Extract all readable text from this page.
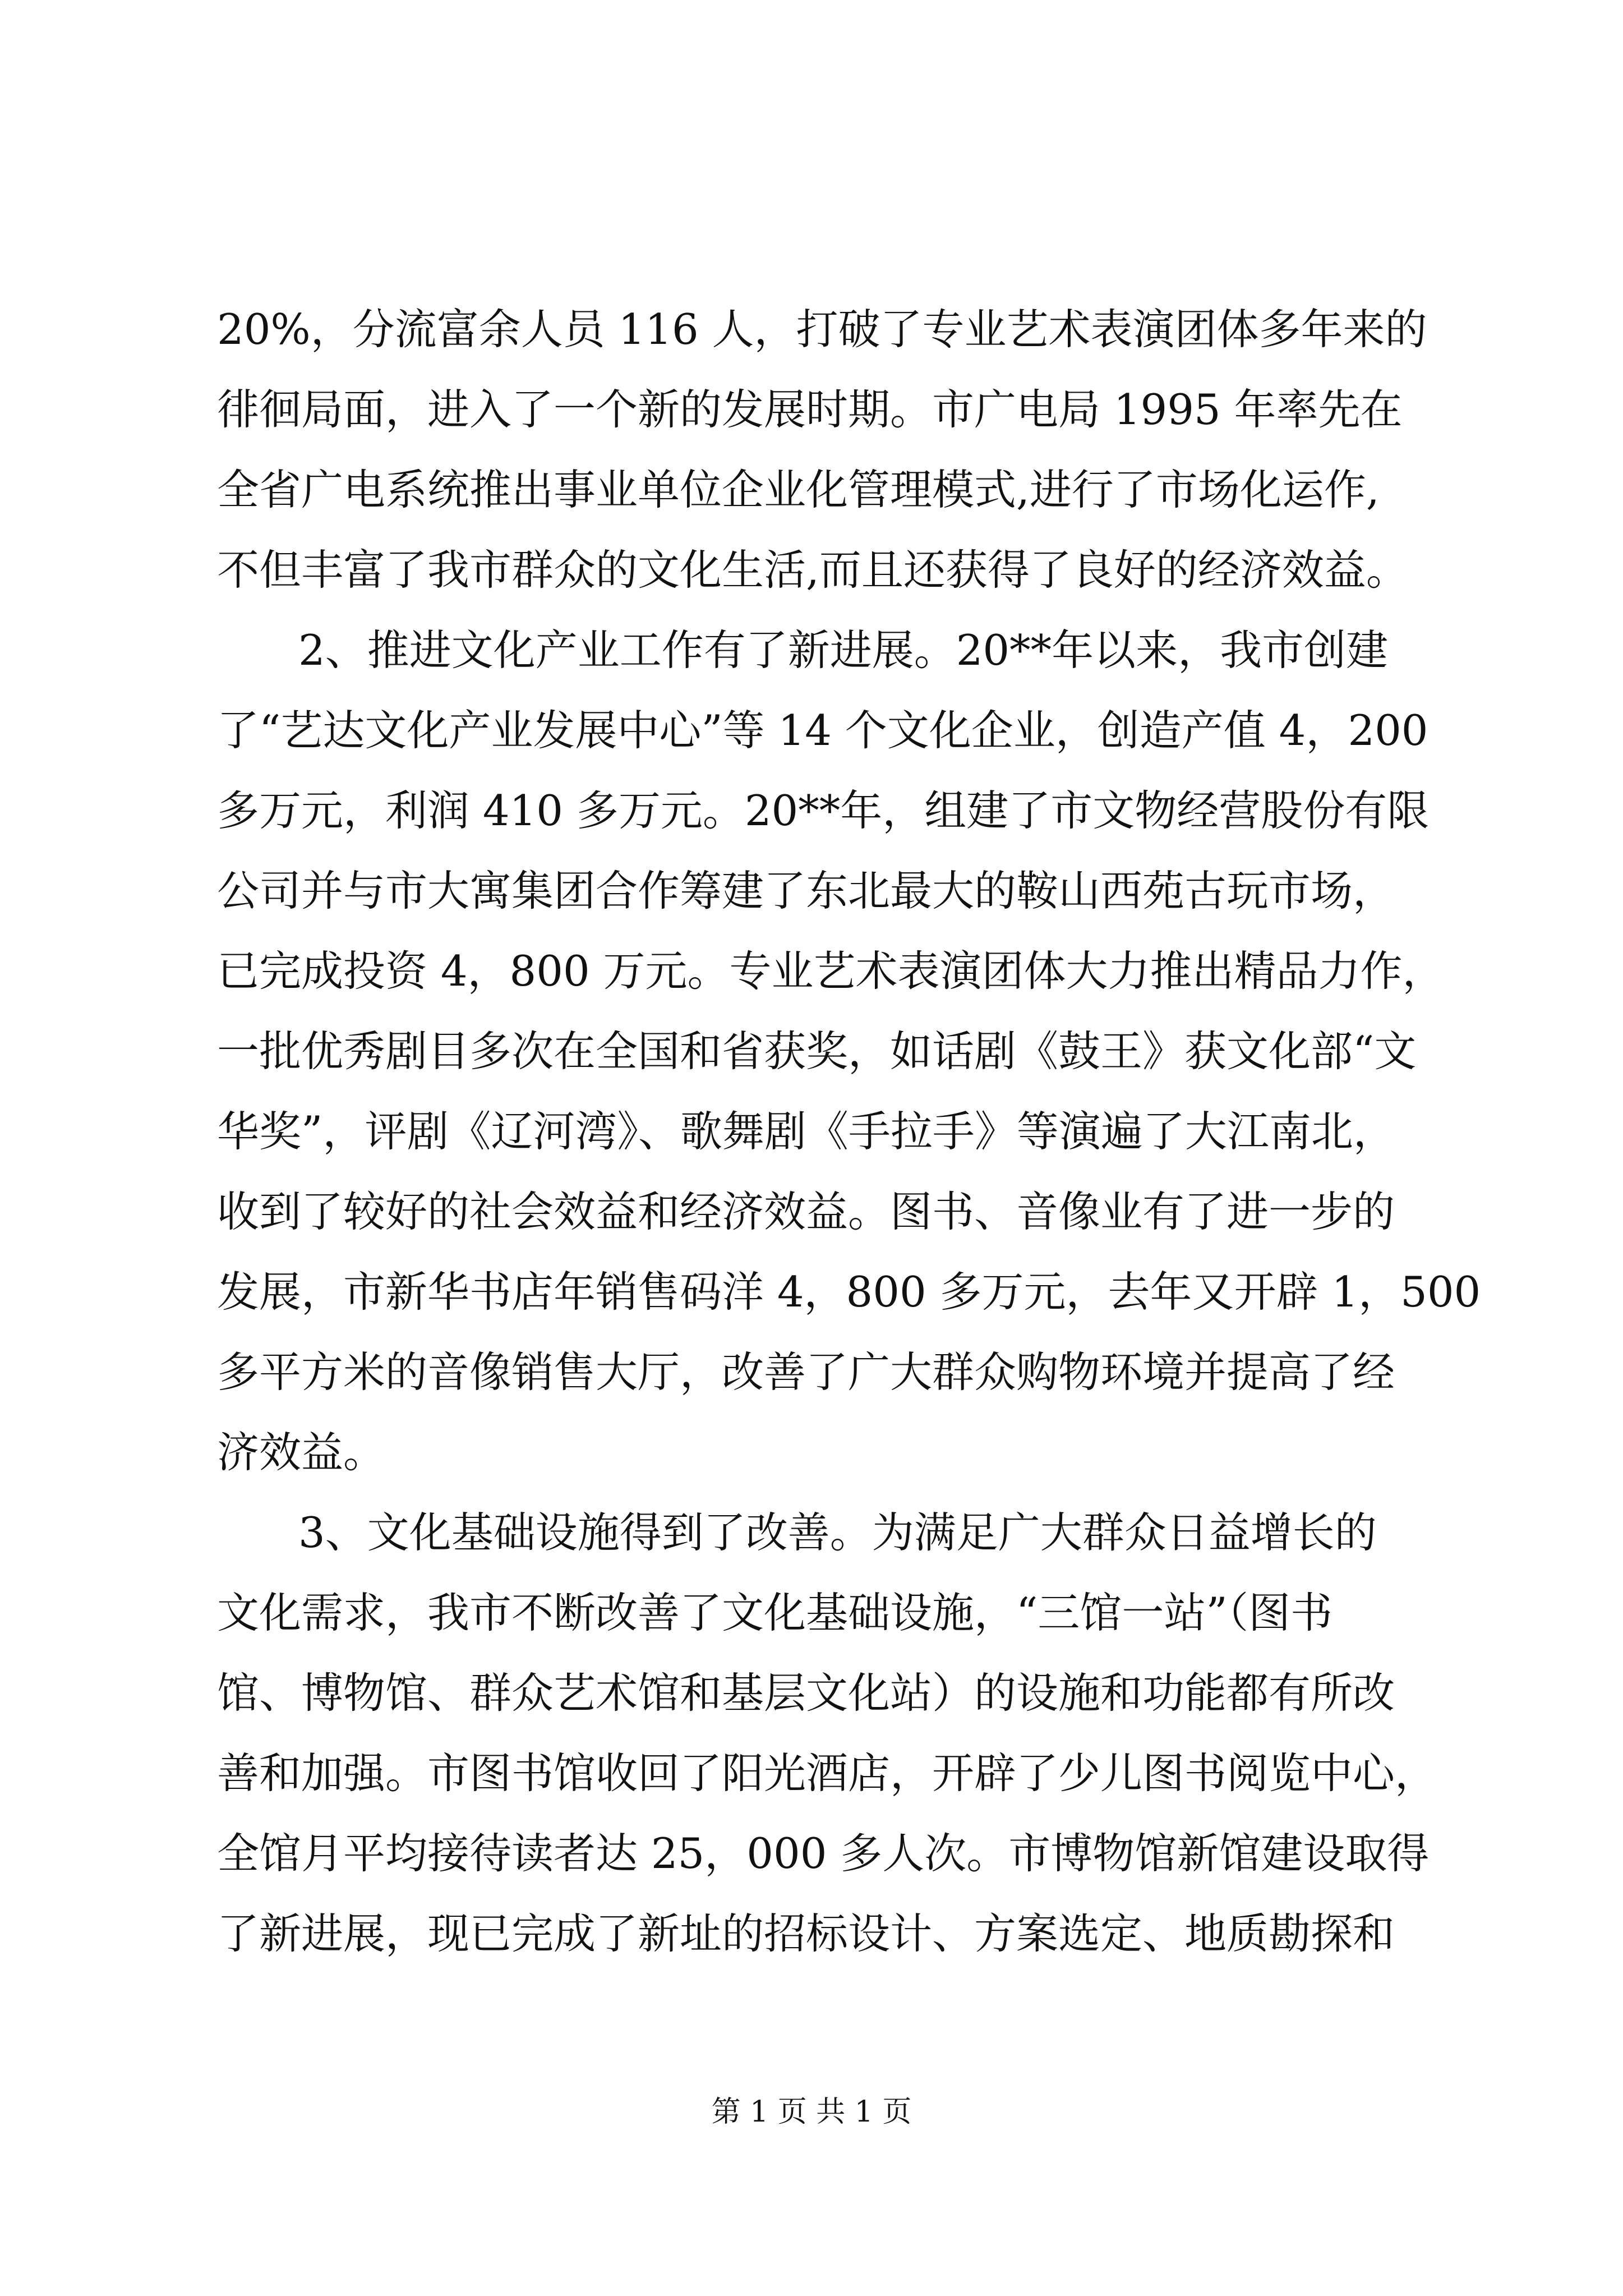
20%，分流富余人员 116 人，打破了专业艺术表演团体多年来的
徘徊局面，进入了一个新的发展时期。市广电局 1995 年率先在
全省广电系统推出事业单位企业化管理模式,进行了市场化运作,
不但丰富了我市群众的文化生活,而且还获得了良好的经济效益。
2、推进文化产业工作有了新进展。20**年以来，我市创建
了“艺达文化产业发展中心”等 14 个文化企业，创造产值 4，200
多万元，利润 410 多万元。20**年，组建了市文物经营股份有限
公司并与市大寓集团合作筹建了东北最大的鞍山西苑古玩市场，
已完成投资 4，800 万元。专业艺术表演团体大力推出精品力作，
一批优秀剧目多次在全国和省获奖，如话剧《鼓王》获文化部“文
华奖”，评剧《辽河湾》、歌舞剧《手拉手》等演遍了大江南北，
收到了较好的社会效益和经济效益。图书、音像业有了进一步的
发展，市新华书店年销售码洋 4，800 多万元，去年又开辟 1，500
多平方米的音像销售大厅，改善了广大群众购物环境并提高了经
济效益。
3、文化基础设施得到了改善。为满足广大群众日益增长的
文化需求，我市不断改善了文化基础设施，“三馆一站”（图书
馆、博物馆、群众艺术馆和基层文化站）的设施和功能都有所改
善和加强。市图书馆收回了阳光酒店，开辟了少儿图书阅览中心，
全馆月平均接待读者达 25，000 多人次。市博物馆新馆建设取得
了新进展，现已完成了新址的招标设计、方案选定、地质勘探和
第 1 页 共 1 页
